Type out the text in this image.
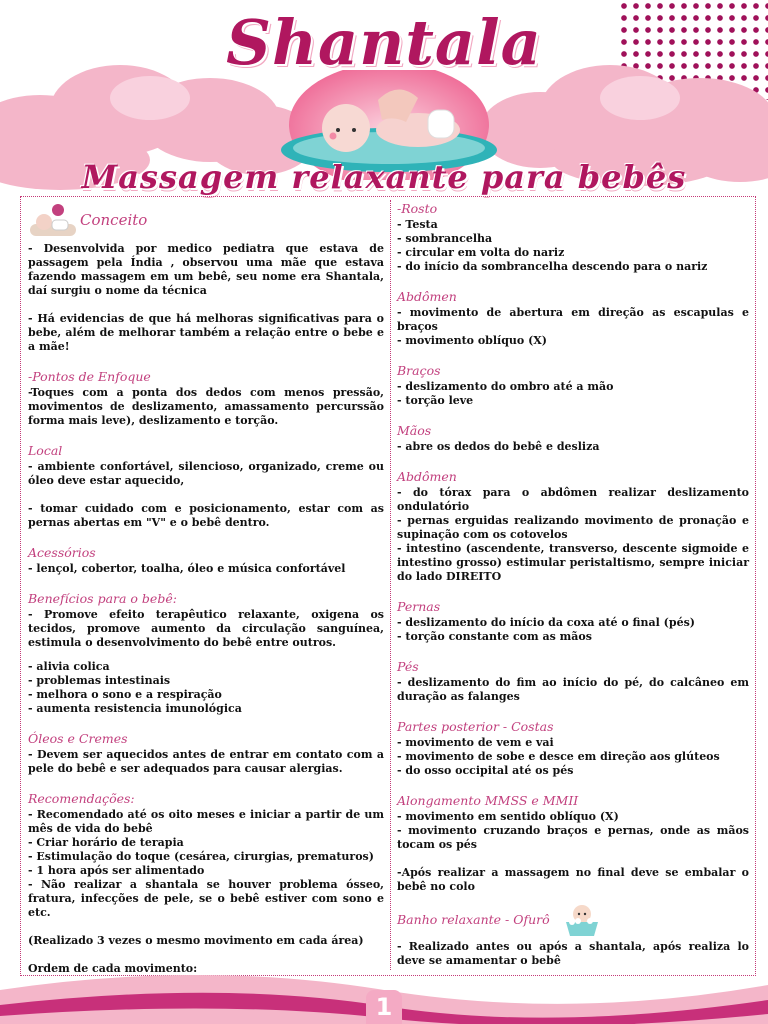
Shantala
Massagem relaxante para bebês
Conceito

- Desenvolvida por medico pediatra que estava de passagem pela Índia , observou uma mãe que estava fazendo massagem em um bebê, seu nome era Shantala, daí surgiu o nome da técnica

- Há evidencias de que há melhoras significativas para o bebe, além de melhorar também a relação entre o bebe e a mãe!

-Pontos de Enfoque

-Toques com a ponta dos dedos com menos pressão, movimentos de deslizamento, amassamento percurssão forma mais leve), deslizamento e torção.

Local

- ambiente confortável, silencioso, organizado, creme ou óleo deve estar aquecido,

- tomar cuidado com e posicionamento, estar com as pernas abertas em "V" e o bebê dentro.

Acessórios

- lençol, cobertor, toalha, óleo e música confortável

Benefícios para o bebê:

- Promove efeito terapêutico relaxante, oxigena os tecidos, promove aumento da circulação sanguínea, estimula o desenvolvimento do bebê entre outros.

- alivia colica
- problemas intestinais
- melhora o sono e a respiração
- aumenta resistencia imunológica

Óleos e Cremes

- Devem ser aquecidos antes de entrar em contato com a pele do bebê e ser adequados para causar alergias.

Recomendações:

- Recomendado até os oito meses e iniciar a partir de um mês de vida do bebê
- Criar horário de terapia
- Estimulação do toque (cesárea, cirurgias, prematuros)
- 1 hora após ser alimentado
- Não realizar a shantala se houver problema ósseo, fratura, infecções de pele, se o bebê estiver com sono e etc.

(Realizado 3 vezes o mesmo movimento em cada área)

Ordem de cada movimento:

-Rosto

- Testa
- sombrancelha
- circular em volta do nariz
- do início da sombrancelha descendo para o nariz

Abdômen

- movimento de abertura em direção as escapulas e braços
- movimento oblíquo (X)

Braços

- deslizamento do ombro até a mão
- torção leve

Mãos

- abre os dedos do bebê e desliza

Abdômen

- do tórax para o abdômen realizar deslizamento ondulatório
- pernas erguidas realizando movimento de pronação e supinação com os cotovelos
- intestino (ascendente, transverso, descente sigmoide e intestino grosso) estimular peristaltismo, sempre iniciar do lado DIREITO

Pernas

- deslizamento do início da coxa até o final (pés)
- torção constante com as mãos

Pés

- deslizamento do fim ao início do pé, do calcâneo em duração as falanges

Partes posterior - Costas

- movimento de vem e vai
- movimento de sobe e desce em direção aos glúteos
- do osso occipital até os pés

Alongamento MMSS e MMII

- movimento em sentido oblíquo (X)
- movimento cruzando braços e pernas, onde as mãos tocam os pés

-Após realizar a massagem no final deve se embalar o bebê no colo

Banho relaxante - Ofurô

- Realizado antes ou após a shantala, após realiza lo deve se amamentar o bebê

1
